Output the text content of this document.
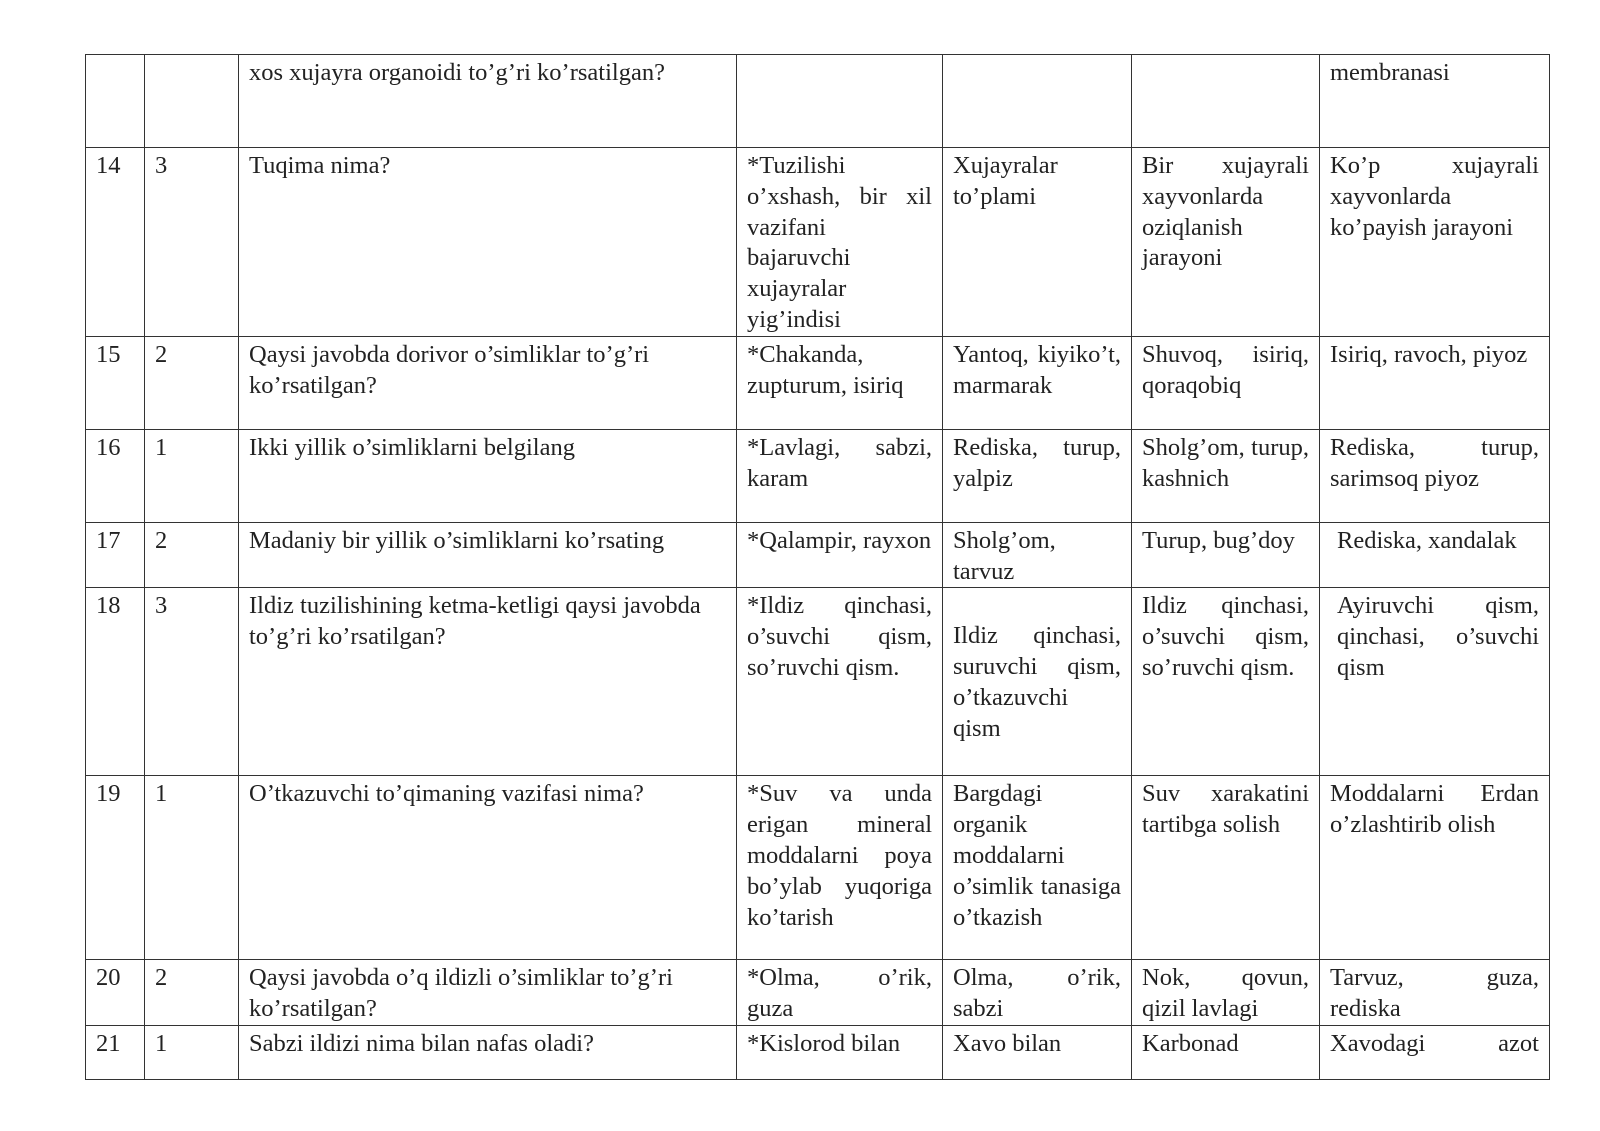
		xos xujayra organoidi to’g’ri ko’rsatilgan?				membranasi
14	3	Tuqima nima?	*Tuzilishi o’xshash, bir xil vazifani bajaruvchi xujayralar yig’indisi	Xujayralar to’plami	Bir xujayrali xayvonlarda oziqlanish jarayoni	Ko’p xujayrali xayvonlarda ko’payish jarayoni
15	2	Qaysi javobda dorivor o’simliklar to’g’ri ko’rsatilgan?	*Chakanda, zupturum, isiriq	Yantoq, kiyiko’t, marmarak	Shuvoq, isiriq, qoraqobiq	Isiriq, ravoch, piyoz
16	1	Ikki yillik o’simliklarni belgilang	*Lavlagi, sabzi, karam	Rediska, turup, yalpiz	Sholg’om, turup, kashnich	Rediska, turup, sarimsoq piyoz
17	2	Madaniy bir yillik o’simliklarni ko’rsating	*Qalampir, rayxon	Sholg’om, tarvuz	Turup, bug’doy	Rediska, xandalak
18	3	Ildiz tuzilishining ketma-ketligi qaysi javobda to’g’ri ko’rsatilgan?	*Ildiz qinchasi, o’suvchi qism, so’ruvchi qism.	Ildiz qinchasi, suruvchi qism, o’tkazuvchi qism	Ildiz qinchasi, o’suvchi qism, so’ruvchi qism.	Ayiruvchi qism, qinchasi, o’suvchi qism
19	1	O’tkazuvchi to’qimaning vazifasi nima?	*Suv va unda erigan mineral moddalarni poya bo’ylab yuqoriga ko’tarish	Bargdagi organik moddalarni o’simlik tanasiga o’tkazish	Suv xarakatini tartibga solish	Moddalarni Erdan o’zlashtirib olish
20	2	Qaysi javobda o’q ildizli o’simliklar to’g’ri ko’rsatilgan?	*Olma, o’rik, guza	Olma, o’rik, sabzi	Nok, qovun, qizil lavlagi	Tarvuz, guza, rediska
21	1	Sabzi ildizi nima bilan nafas oladi?	*Kislorod bilan	Xavo bilan	Karbonad	Xavodagi azot
